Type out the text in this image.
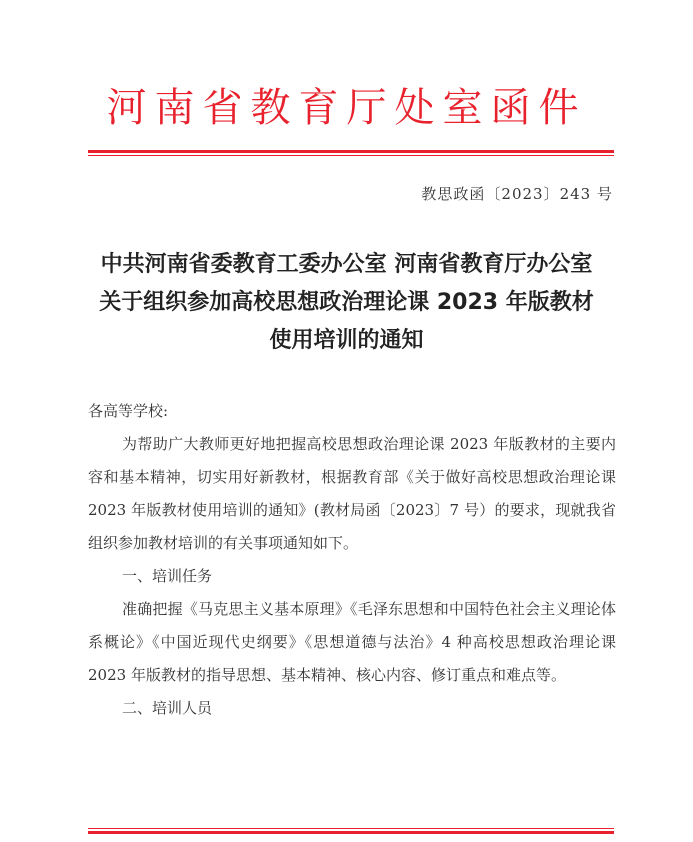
河南省教育厅处室函件
教思政函〔2023〕243 号
中共河南省委教育工委办公室 河南省教育厅办公室
关于组织参加高校思想政治理论课 2023 年版教材
使用培训的通知

各高等学校:

为帮助广大教师更好地把握高校思想政治理论课 2023 年版教材的主要内容和基本精神，切实用好新教材，根据教育部《关于做好高校思想政治理论课 2023 年版教材使用培训的通知》(教材局函〔2023〕7 号）的要求，现就我省组织参加教材培训的有关事项通知如下。

一、培训任务

准确把握《马克思主义基本原理》《毛泽东思想和中国特色社会主义理论体系概论》《中国近现代史纲要》《思想道德与法治》4 种高校思想政治理论课 2023 年版教材的指导思想、基本精神、核心内容、修订重点和难点等。

二、培训人员
